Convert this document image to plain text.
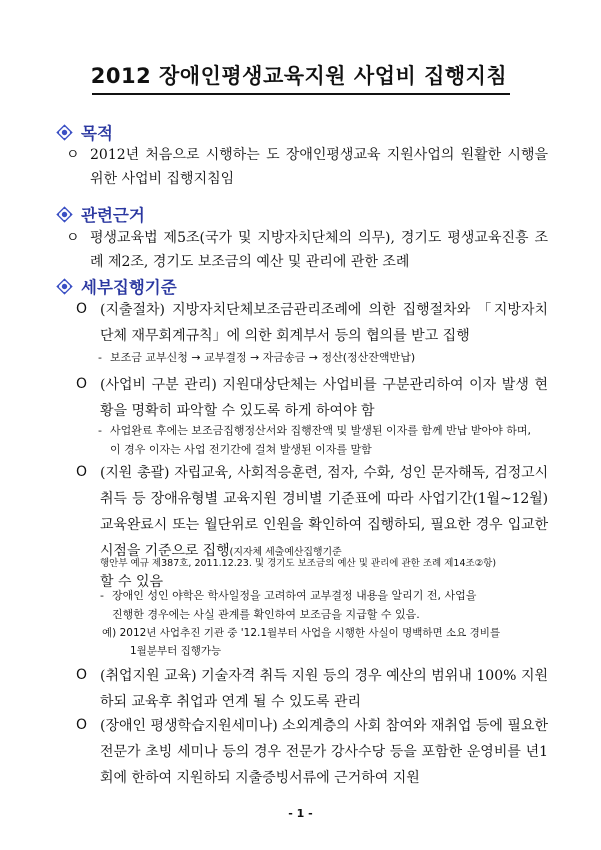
2012 장애인평생교육지원 사업비 집행지침
목적
ㅇ 2012년 처음으로 시행하는 도 장애인평생교육 지원사업의 원활한 시행을 위한 사업비 집행지침임
관련근거
ㅇ 평생교육법 제5조(국가 및 지방자치단체의 의무), 경기도 평생교육진흥 조례 제2조, 경기도 보조금의 예산 및 관리에 관한 조례
세부집행기준
O (지출절차) 지방자치단체보조금관리조례에 의한 집행절차와 「지방자치단체 재무회계규칙」에 의한 회계부서 등의 협의를 받고 집행
- 보조금 교부신청 → 교부결정 → 자금송금 → 정산(정산잔액반납)
O (사업비 구분 관리) 지원대상단체는 사업비를 구분관리하여 이자 발생 현황을 명확히 파악할 수 있도록 하게 하여야 함
- 사업완료 후에는 보조금집행정산서와 집행잔액 및 발생된 이자를 함께 반납 받아야 하며,
이 경우 이자는 사업 전기간에 걸쳐 발생된 이자를 말함
O (지원 총괄) 자립교육, 사회적응훈련, 점자, 수화, 성인 문자해독, 검정고시 취득 등 장애유형별 교육지원 경비별 기준표에 따라 사업기간(1월~12월) 교육완료시 또는 월단위로 인원을 확인하여 집행하되, 필요한 경우 입교한 시점을 기준으로 집행(지자체 세출예산집행기준
행안부 예규 제387호, 2011.12.23. 및 경기도 보조금의 예산 및 관리에 관한 조례 제14조②항)
할 수 있음
- 장애인 성인 야학은 학사일정을 고려하여 교부결정 내용을 알리기 전, 사업을
진행한 경우에는 사실 관계를 확인하여 보조금을 지급할 수 있음.
예) 2012년 사업추진 기관 중 '12.1월부터 사업을 시행한 사실이 명백하면 소요 경비를
1월분부터 집행가능
O (취업지원 교육) 기술자격 취득 지원 등의 경우 예산의 범위내 100% 지원하되 교육후 취업과 연계 될 수 있도록 관리
O (장애인 평생학습지원세미나) 소외계층의 사회 참여와 재취업 등에 필요한 전문가 초빙 세미나 등의 경우 전문가 강사수당 등을 포함한 운영비를 년1회에 한하여 지원하되 지출증빙서류에 근거하여 지원
- 1 -
